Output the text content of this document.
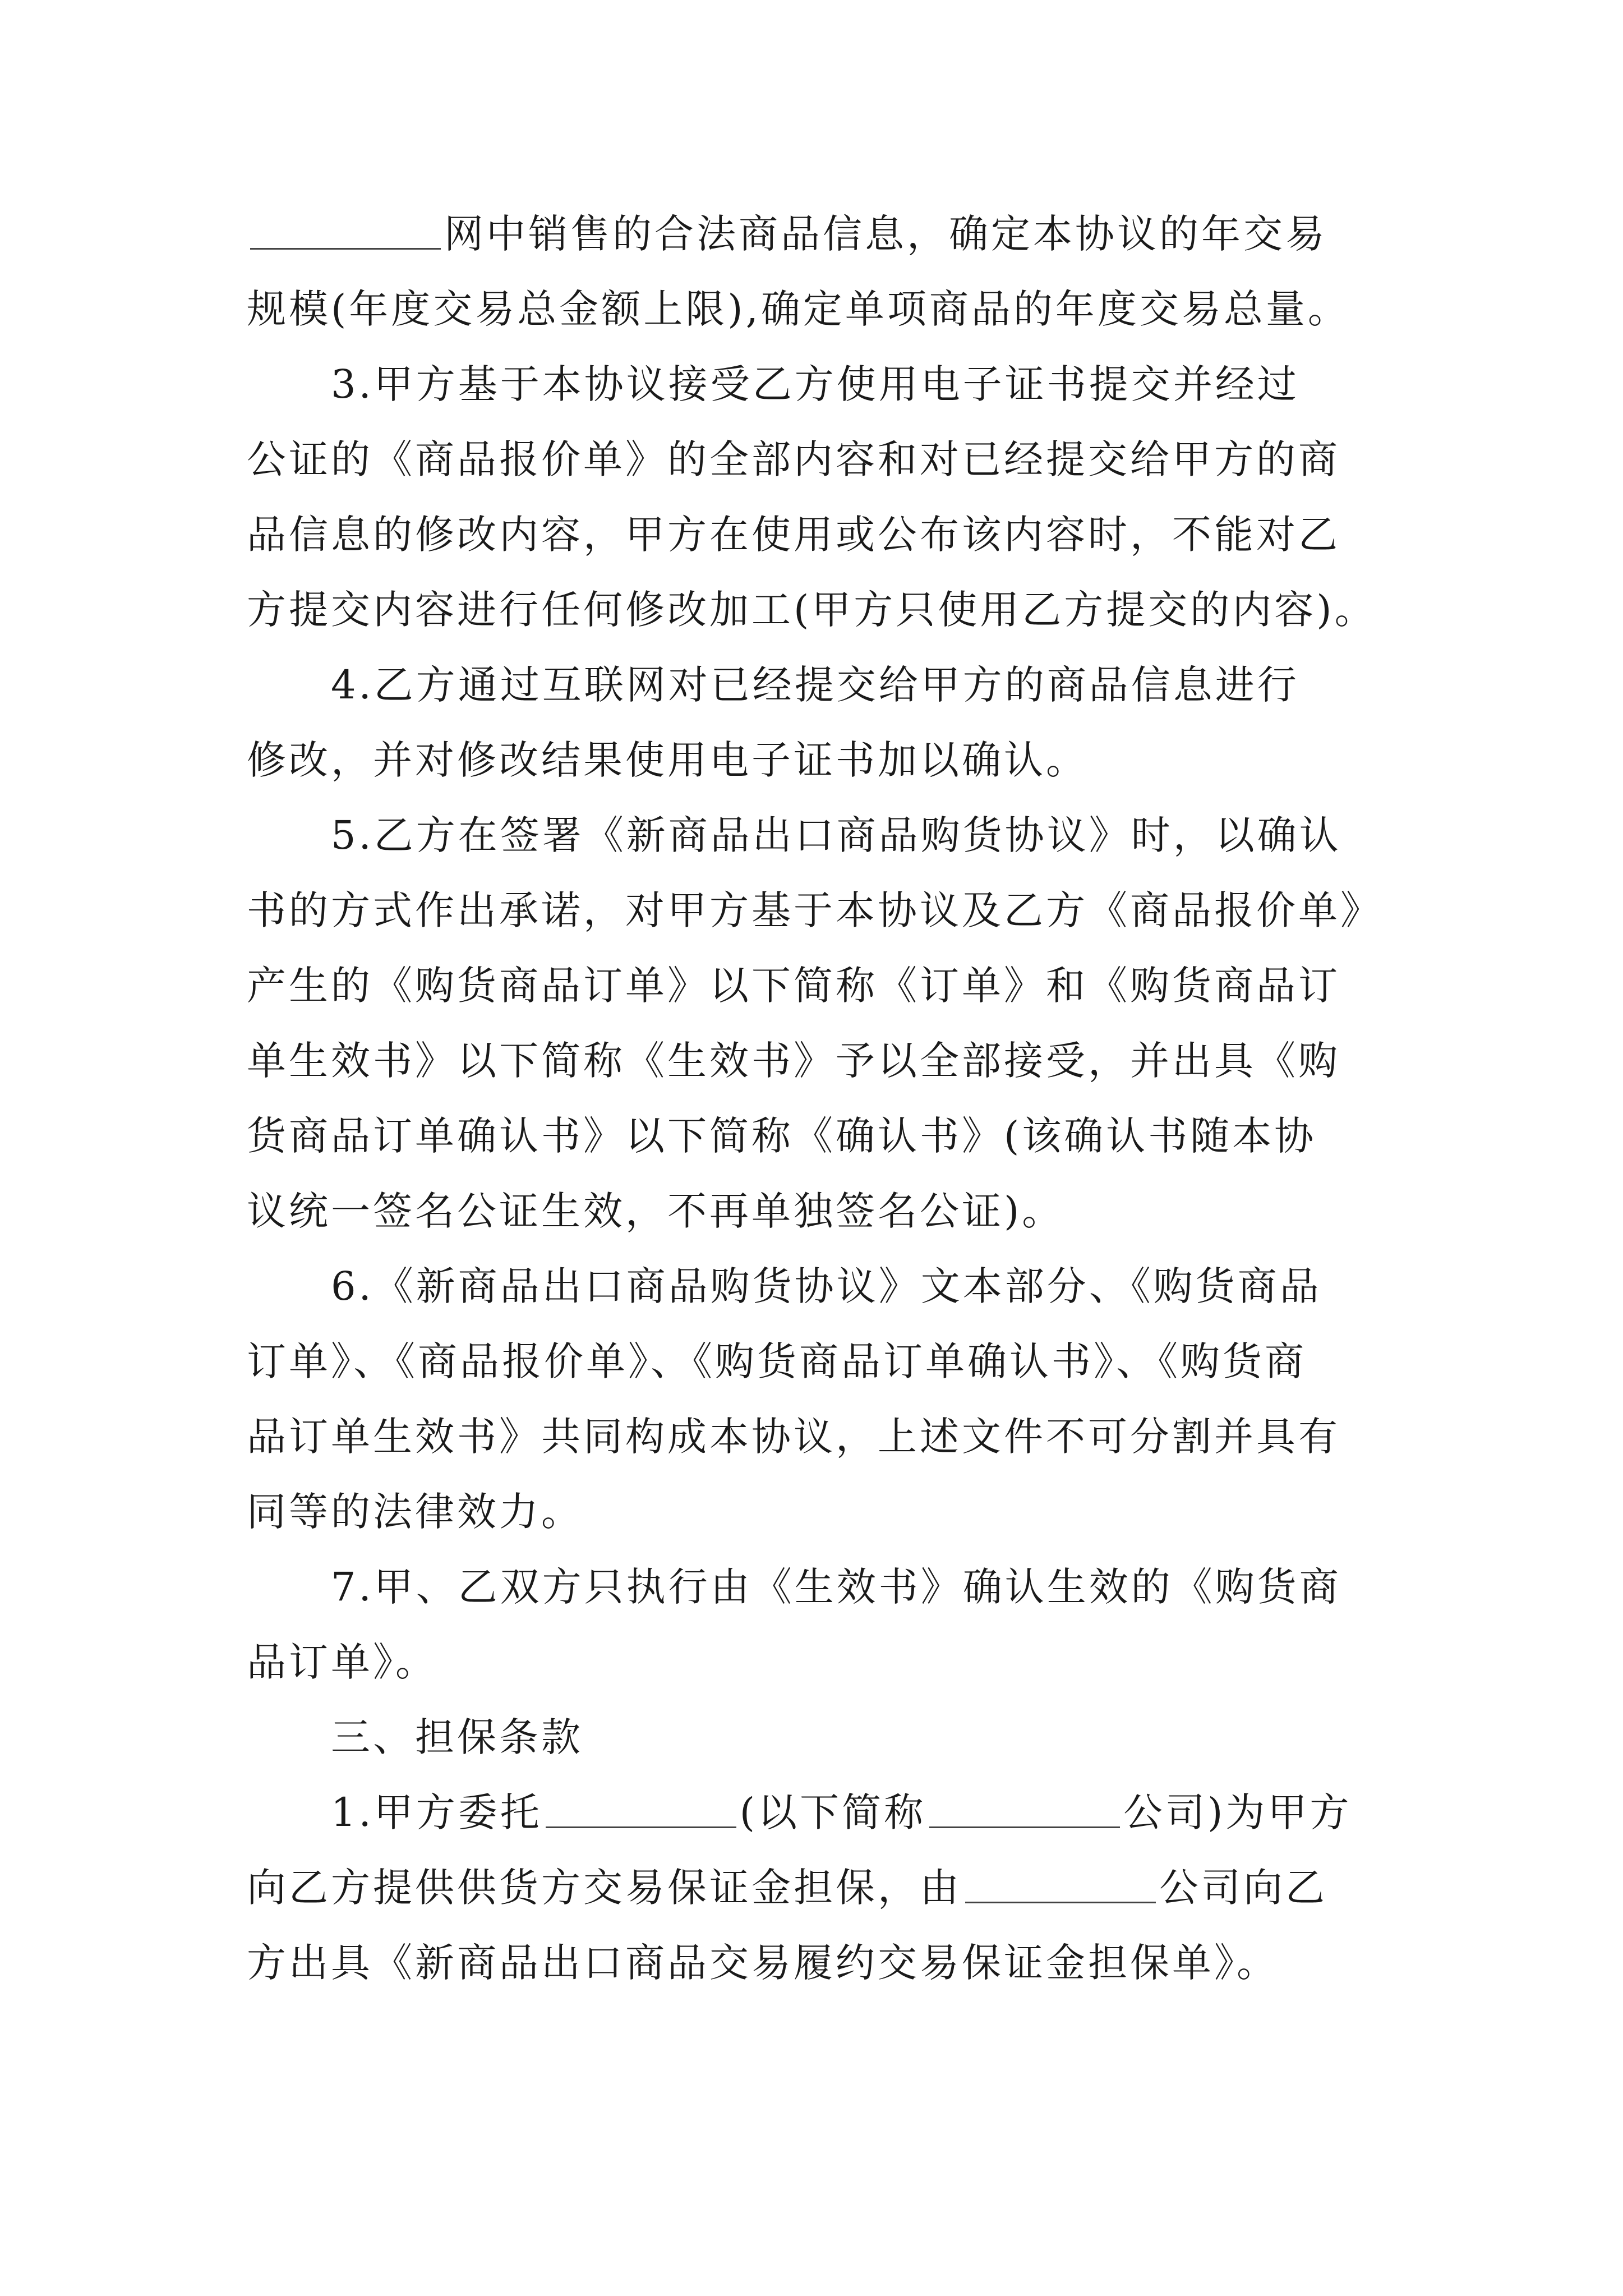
网中销售的合法商品信息，确定本协议的年交易
规模(年度交易总金额上限),确定单项商品的年度交易总量。
3.甲方基于本协议接受乙方使用电子证书提交并经过
公证的《商品报价单》的全部内容和对已经提交给甲方的商
品信息的修改内容，甲方在使用或公布该内容时，不能对乙
方提交内容进行任何修改加工(甲方只使用乙方提交的内容)。
4.乙方通过互联网对已经提交给甲方的商品信息进行
修改，并对修改结果使用电子证书加以确认。
5.乙方在签署《新商品出口商品购货协议》时，以确认
书的方式作出承诺，对甲方基于本协议及乙方《商品报价单》
产生的《购货商品订单》以下简称《订单》和《购货商品订
单生效书》以下简称《生效书》予以全部接受，并出具《购
货商品订单确认书》以下简称《确认书》(该确认书随本协
议统一签名公证生效，不再单独签名公证)。
6.《新商品出口商品购货协议》文本部分、《购货商品
订单》、《商品报价单》、《购货商品订单确认书》、《购货商
品订单生效书》共同构成本协议，上述文件不可分割并具有
同等的法律效力。
7.甲、乙双方只执行由《生效书》确认生效的《购货商
品订单》。
三、担保条款
1.甲方委托	(以下简称	公司)为甲方
向乙方提供供货方交易保证金担保，由	公司向乙
方出具《新商品出口商品交易履约交易保证金担保单》。
